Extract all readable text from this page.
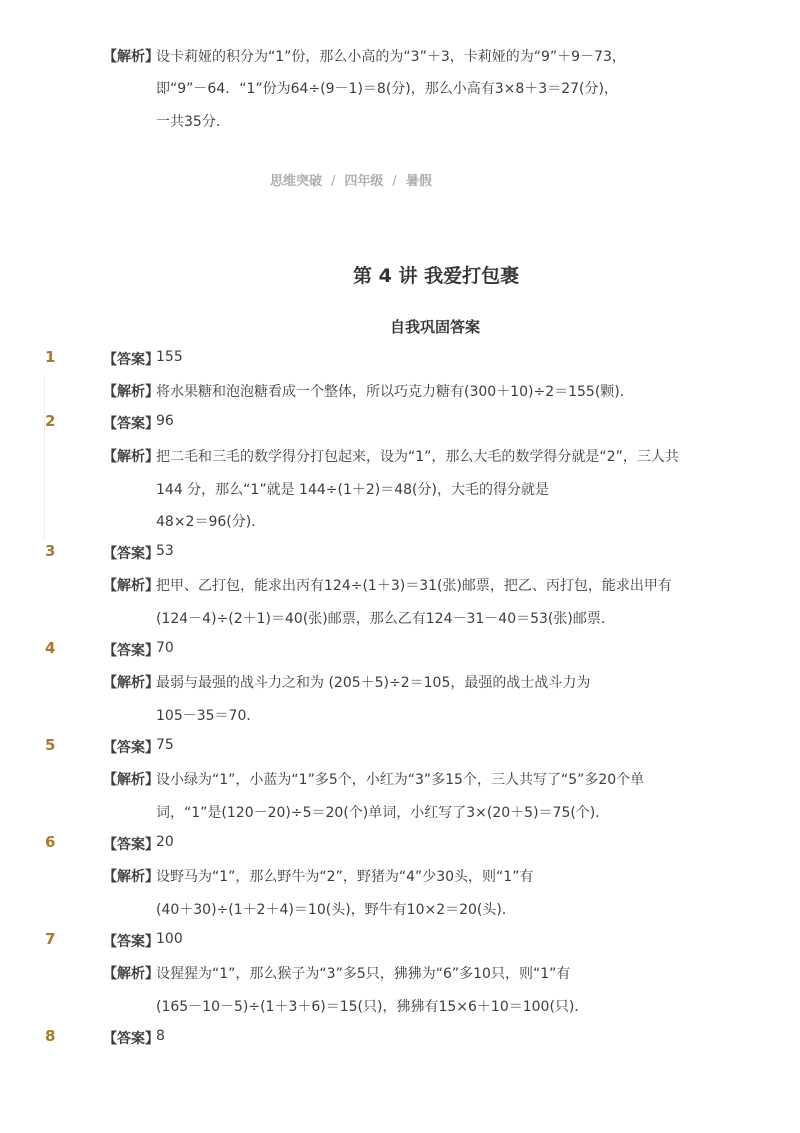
【解析】
设卡莉娅的积分为“1”份，那么小高的为“3”＋3，卡莉娅的为“9”＋9－73，
即“9”－64．“1”份为64÷(9－1)＝8(分)，那么小高有3×8＋3＝27(分)，
一共35分．
思维突破 / 四年级 / 暑假
第 4 讲 我爱打包裹
自我巩固答案
1	【答案】
155
【解析】
将水果糖和泡泡糖看成一个整体，所以巧克力糖有(300＋10)÷2＝155(颗)．
2	【答案】
96
【解析】
把二毛和三毛的数学得分打包起来，设为“1”，那么大毛的数学得分就是“2”，三人共
144 分，那么“1”就是 144÷(1＋2)＝48(分)，大毛的得分就是
48×2＝96(分)．
3	【答案】
53
【解析】
把甲、乙打包，能求出丙有124÷(1＋3)＝31(张)邮票，把乙、丙打包，能求出甲有
(124－4)÷(2＋1)＝40(张)邮票，那么乙有124－31－40＝53(张)邮票．
4	【答案】
70
【解析】
最弱与最强的战斗力之和为 (205＋5)÷2＝105，最强的战士战斗力为
105－35＝70．
5	【答案】
75
【解析】
设小绿为“1”，小蓝为“1”多5个，小红为“3”多15个，三人共写了“5”多20个单
词，“1”是(120－20)÷5＝20(个)单词，小红写了3×(20＋5)＝75(个)．
6	【答案】
20
【解析】
设野马为“1”，那么野牛为“2”，野猪为“4”少30头，则“1”有
(40＋30)÷(1＋2＋4)＝10(头)，野牛有10×2＝20(头)．
7	【答案】
100
【解析】
设猩猩为“1”，那么猴子为“3”多5只，狒狒为“6”多10只，则“1”有
(165－10－5)÷(1＋3＋6)＝15(只)，狒狒有15×6＋10＝100(只)．
8	【答案】
8
